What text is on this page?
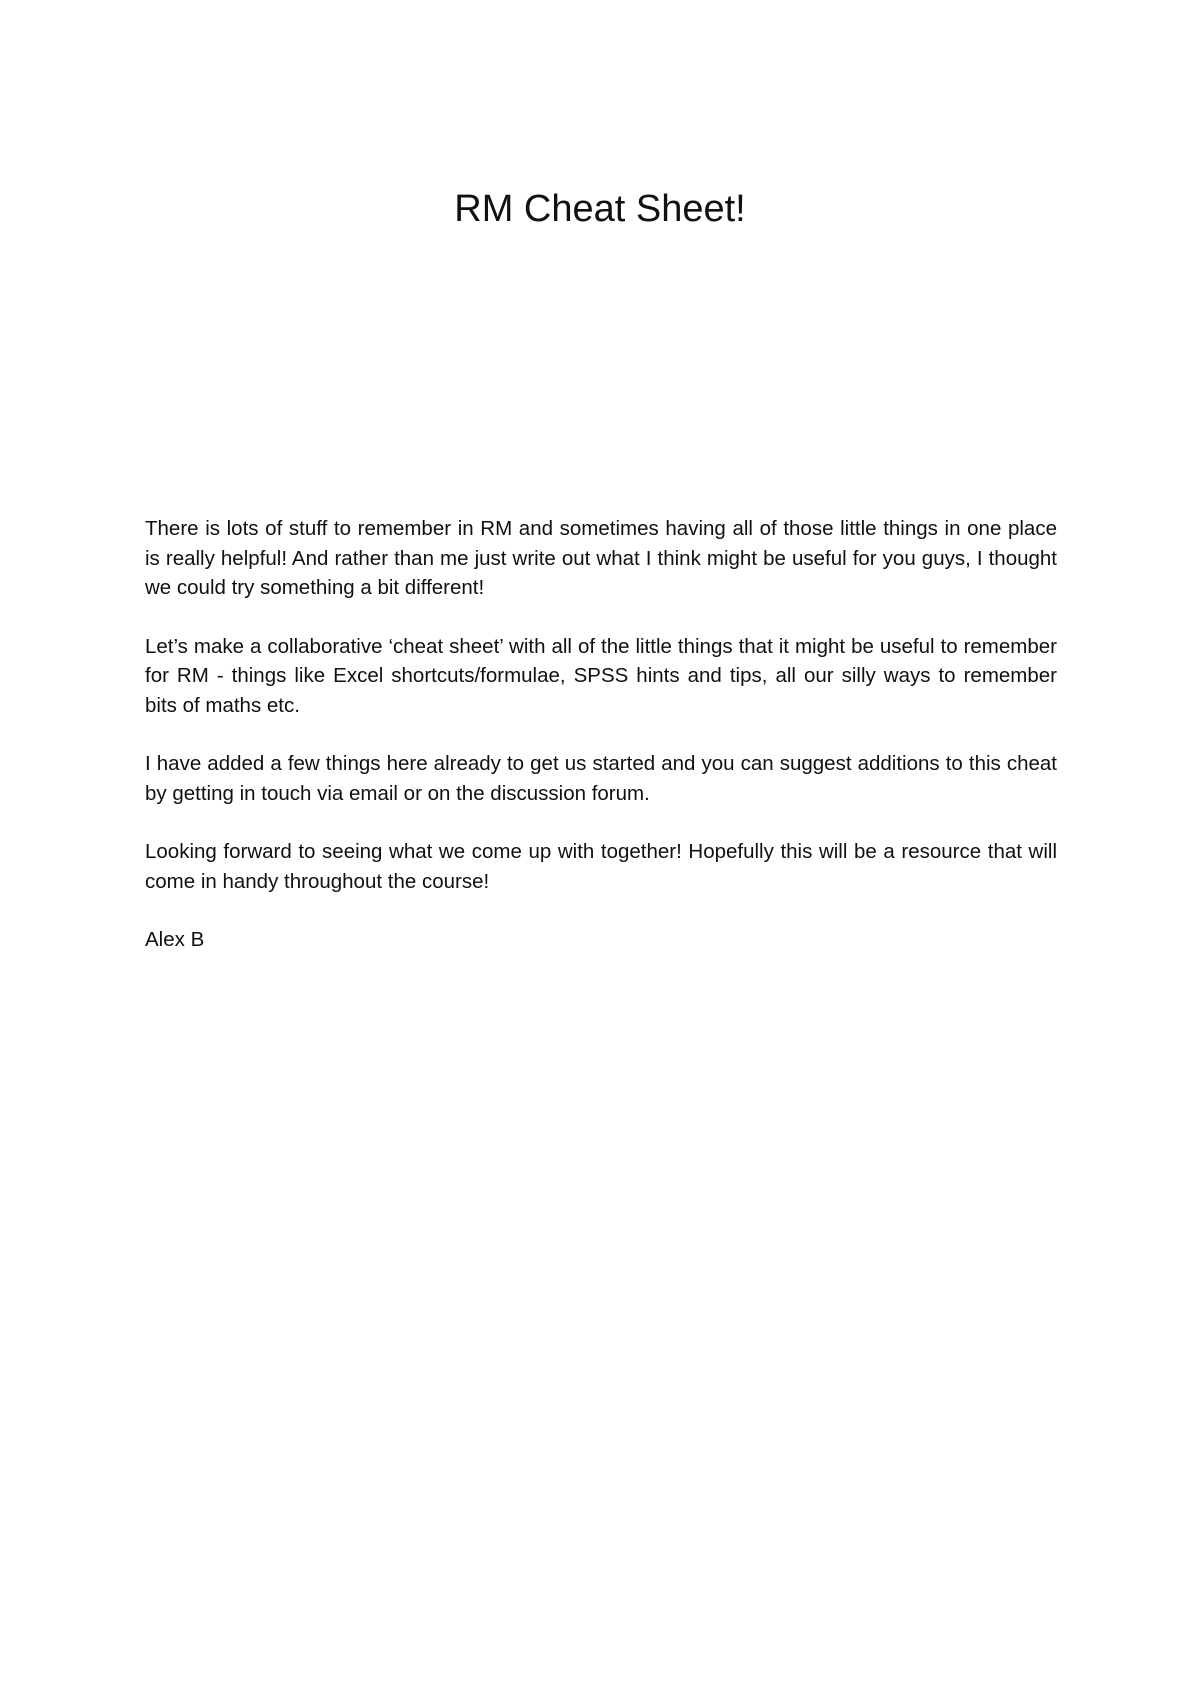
RM Cheat Sheet!

There is lots of stuff to remember in RM and sometimes having all of those little things in one place is really helpful! And rather than me just write out what I think might be useful for you guys, I thought we could try something a bit different!

Let’s make a collaborative ‘cheat sheet’ with all of the little things that it might be useful to remember for RM - things like Excel shortcuts/formulae, SPSS hints and tips, all our silly ways to remember bits of maths etc.

I have added a few things here already to get us started and you can suggest additions to this cheat by getting in touch via email or on the discussion forum.

Looking forward to seeing what we come up with together! Hopefully this will be a resource that will come in handy throughout the course!

Alex B
